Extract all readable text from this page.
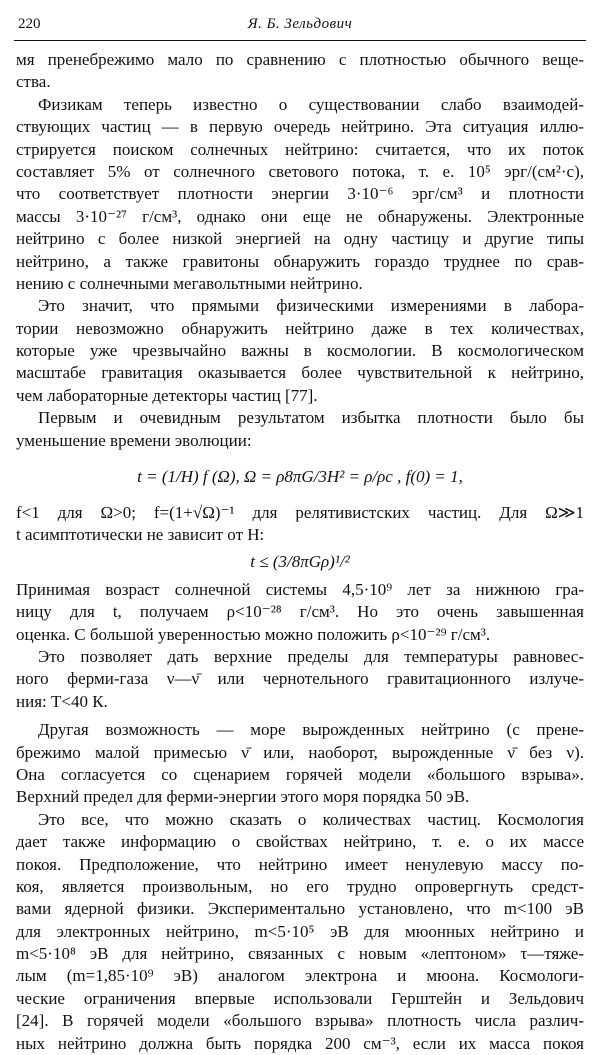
220	Я. Б. Зельдович
мя пренебрежимо мало по сравнению с плотностью обычного веще-
ства.
Физикам теперь известно о существовании слабо взаимодей-
ствующих частиц — в первую очередь нейтрино. Эта ситуация иллю-
стрируется поиском солнечных нейтрино: считается, что их поток
составляет 5% от солнечного светового потока, т. е. 10⁵ эрг/(см²·с),
что соответствует плотности энергии 3·10⁻⁶ эрг/см³ и плотности
массы 3·10⁻²⁷ г/см³, однако они еще не обнаружены. Электронные
нейтрино с более низкой энергией на одну частицу и другие типы
нейтрино, а также гравитоны обнаружить гораздо труднее по срав-
нению с солнечными мегавольтными нейтрино.
Это значит, что прямыми физическими измерениями в лабора-
тории невозможно обнаружить нейтрино даже в тех количествах,
которые уже чрезвычайно важны в космологии. В космологическом
масштабе гравитация оказывается более чувствительной к нейтрино,
чем лабораторные детекторы частиц [77].
Первым и очевидным результатом избытка плотности было бы
уменьшение времени эволюции:
t = (1/H) f (Ω), Ω = ρ8πG/3H² = ρ/ρc , f(0) = 1,
f<1 для Ω>0; f=(1+√Ω)⁻¹ для релятивистских частиц. Для Ω≫1
t асимптотически не зависит от H:
t ≤ (3/8πGρ)¹/²
Принимая возраст солнечной системы 4,5·10⁹ лет за нижнюю гра-
ницу для t, получаем ρ<10⁻²⁸ г/см³. Но это очень завышенная
оценка. С большой уверенностью можно положить ρ<10⁻²⁹ г/см³.
Это позволяет дать верхние пределы для температуры равновес-
ного ферми-газа ν—ν̄ или чернотельного гравитационного излуче-
ния: T<40 К.
Другая возможность — море вырожденных нейтрино (с прене-
брежимо малой примесью ν̄ или, наоборот, вырожденные ν̄ без ν).
Она согласуется со сценарием горячей модели «большого взрыва».
Верхний предел для ферми-энергии этого моря порядка 50 эВ.
Это все, что можно сказать о количествах частиц. Космология
дает также информацию о свойствах нейтрино, т. е. о их массе
покоя. Предположение, что нейтрино имеет ненулевую массу по-
коя, является произвольным, но его трудно опровергнуть средст-
вами ядерной физики. Экспериментально установлено, что m<100 эВ
для электронных нейтрино, m<5·10⁵ эВ для мюонных нейтрино и
m<5·10⁸ эВ для нейтрино, связанных с новым «лептоном» τ—тяже-
лым (m=1,85·10⁹ эВ) аналогом электрона и мюона. Космологи-
ческие ограничения впервые использовали Герштейн и Зельдович
[24]. В горячей модели «большого взрыва» плотность числа различ-
ных нейтрино должна быть порядка 200 см⁻³, если их масса покоя
